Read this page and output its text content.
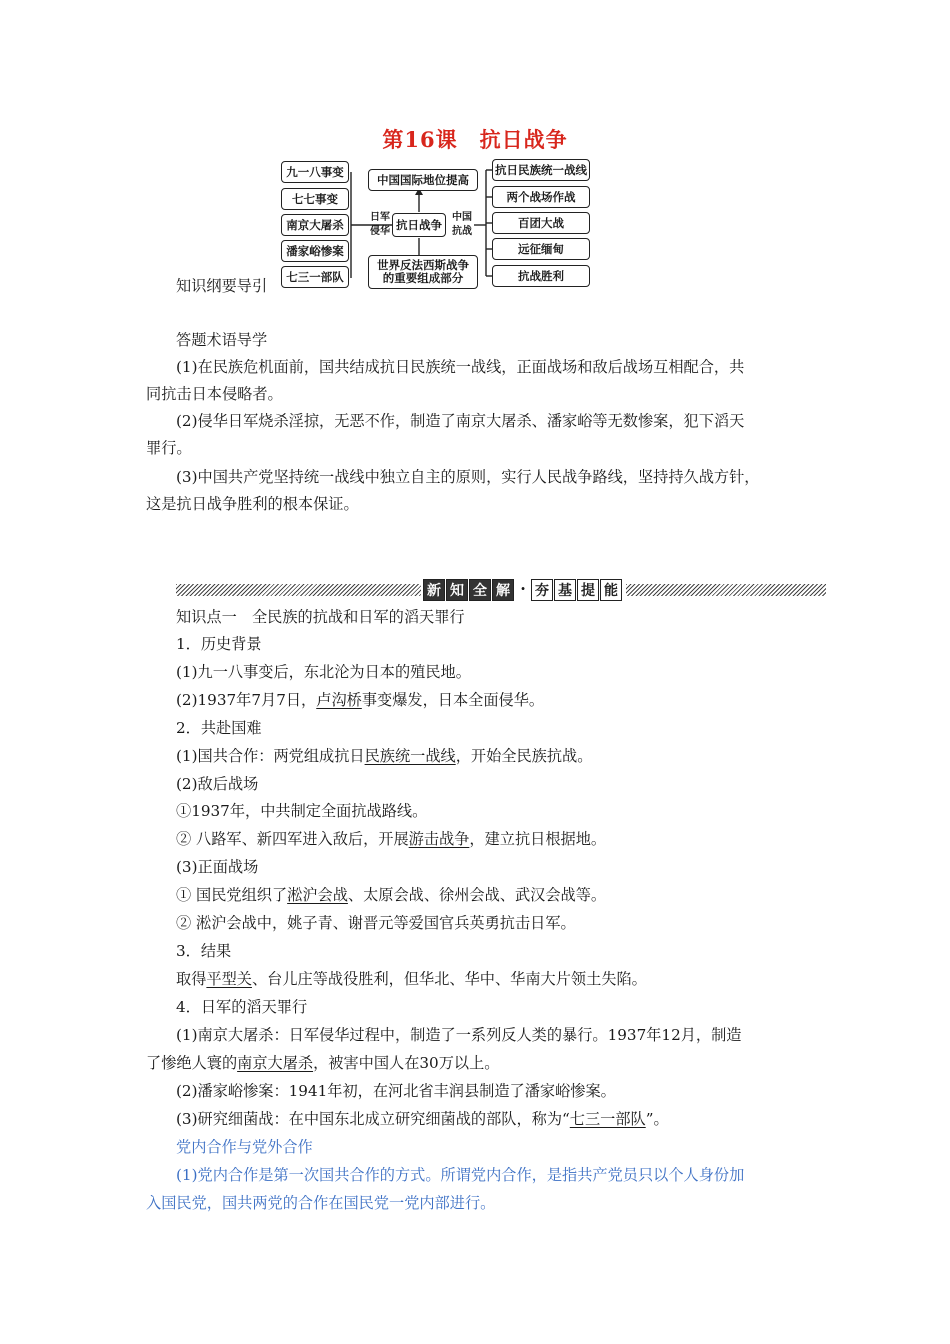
第16课　抗日战争
九一八事变
七七事变
南京大屠杀
潘家峪惨案
七三一部队
日军
侵华
中国国际地位提高
抗日战争
世界反法西斯战争
的重要组成部分
中国
抗战
抗日民族统一战线
两个战场作战
百团大战
远征缅甸
抗战胜利
知识纲要导引
答题术语导学
(1)在民族危机面前，国共结成抗日民族统一战线，正面战场和敌后战场互相配合，共
同抗击日本侵略者。
(2)侵华日军烧杀淫掠，无恶不作，制造了南京大屠杀、潘家峪等无数惨案，犯下滔天
罪行。
(3)中国共产党坚持统一战线中独立自主的原则，实行人民战争路线，坚持持久战方针，
这是抗日战争胜利的根本保证。
新 知 全 解 · 夯 基 提 能
知识点一　全民族的抗战和日军的滔天罪行
1．历史背景
(1)九一八事变后，东北沦为日本的殖民地。
(2)1937年7月7日，卢沟桥事变爆发，日本全面侵华。
2．共赴国难
(1)国共合作：两党组成抗日民族统一战线，开始全民族抗战。
(2)敌后战场
①1937年，中共制定全面抗战路线。
② 八路军、新四军进入敌后，开展游击战争，建立抗日根据地。
(3)正面战场
① 国民党组织了淞沪会战、太原会战、徐州会战、武汉会战等。
② 淞沪会战中，姚子青、谢晋元等爱国官兵英勇抗击日军。
3．结果
取得平型关、台儿庄等战役胜利，但华北、华中、华南大片领土失陷。
4．日军的滔天罪行
(1)南京大屠杀：日军侵华过程中，制造了一系列反人类的暴行。1937年12月，制造
了惨绝人寰的南京大屠杀，被害中国人在30万以上。
(2)潘家峪惨案：1941年初，在河北省丰润县制造了潘家峪惨案。
(3)研究细菌战：在中国东北成立研究细菌战的部队，称为“七三一部队”。
党内合作与党外合作
(1)党内合作是第一次国共合作的方式。所谓党内合作，是指共产党员只以个人身份加
入国民党，国共两党的合作在国民党一党内部进行。
